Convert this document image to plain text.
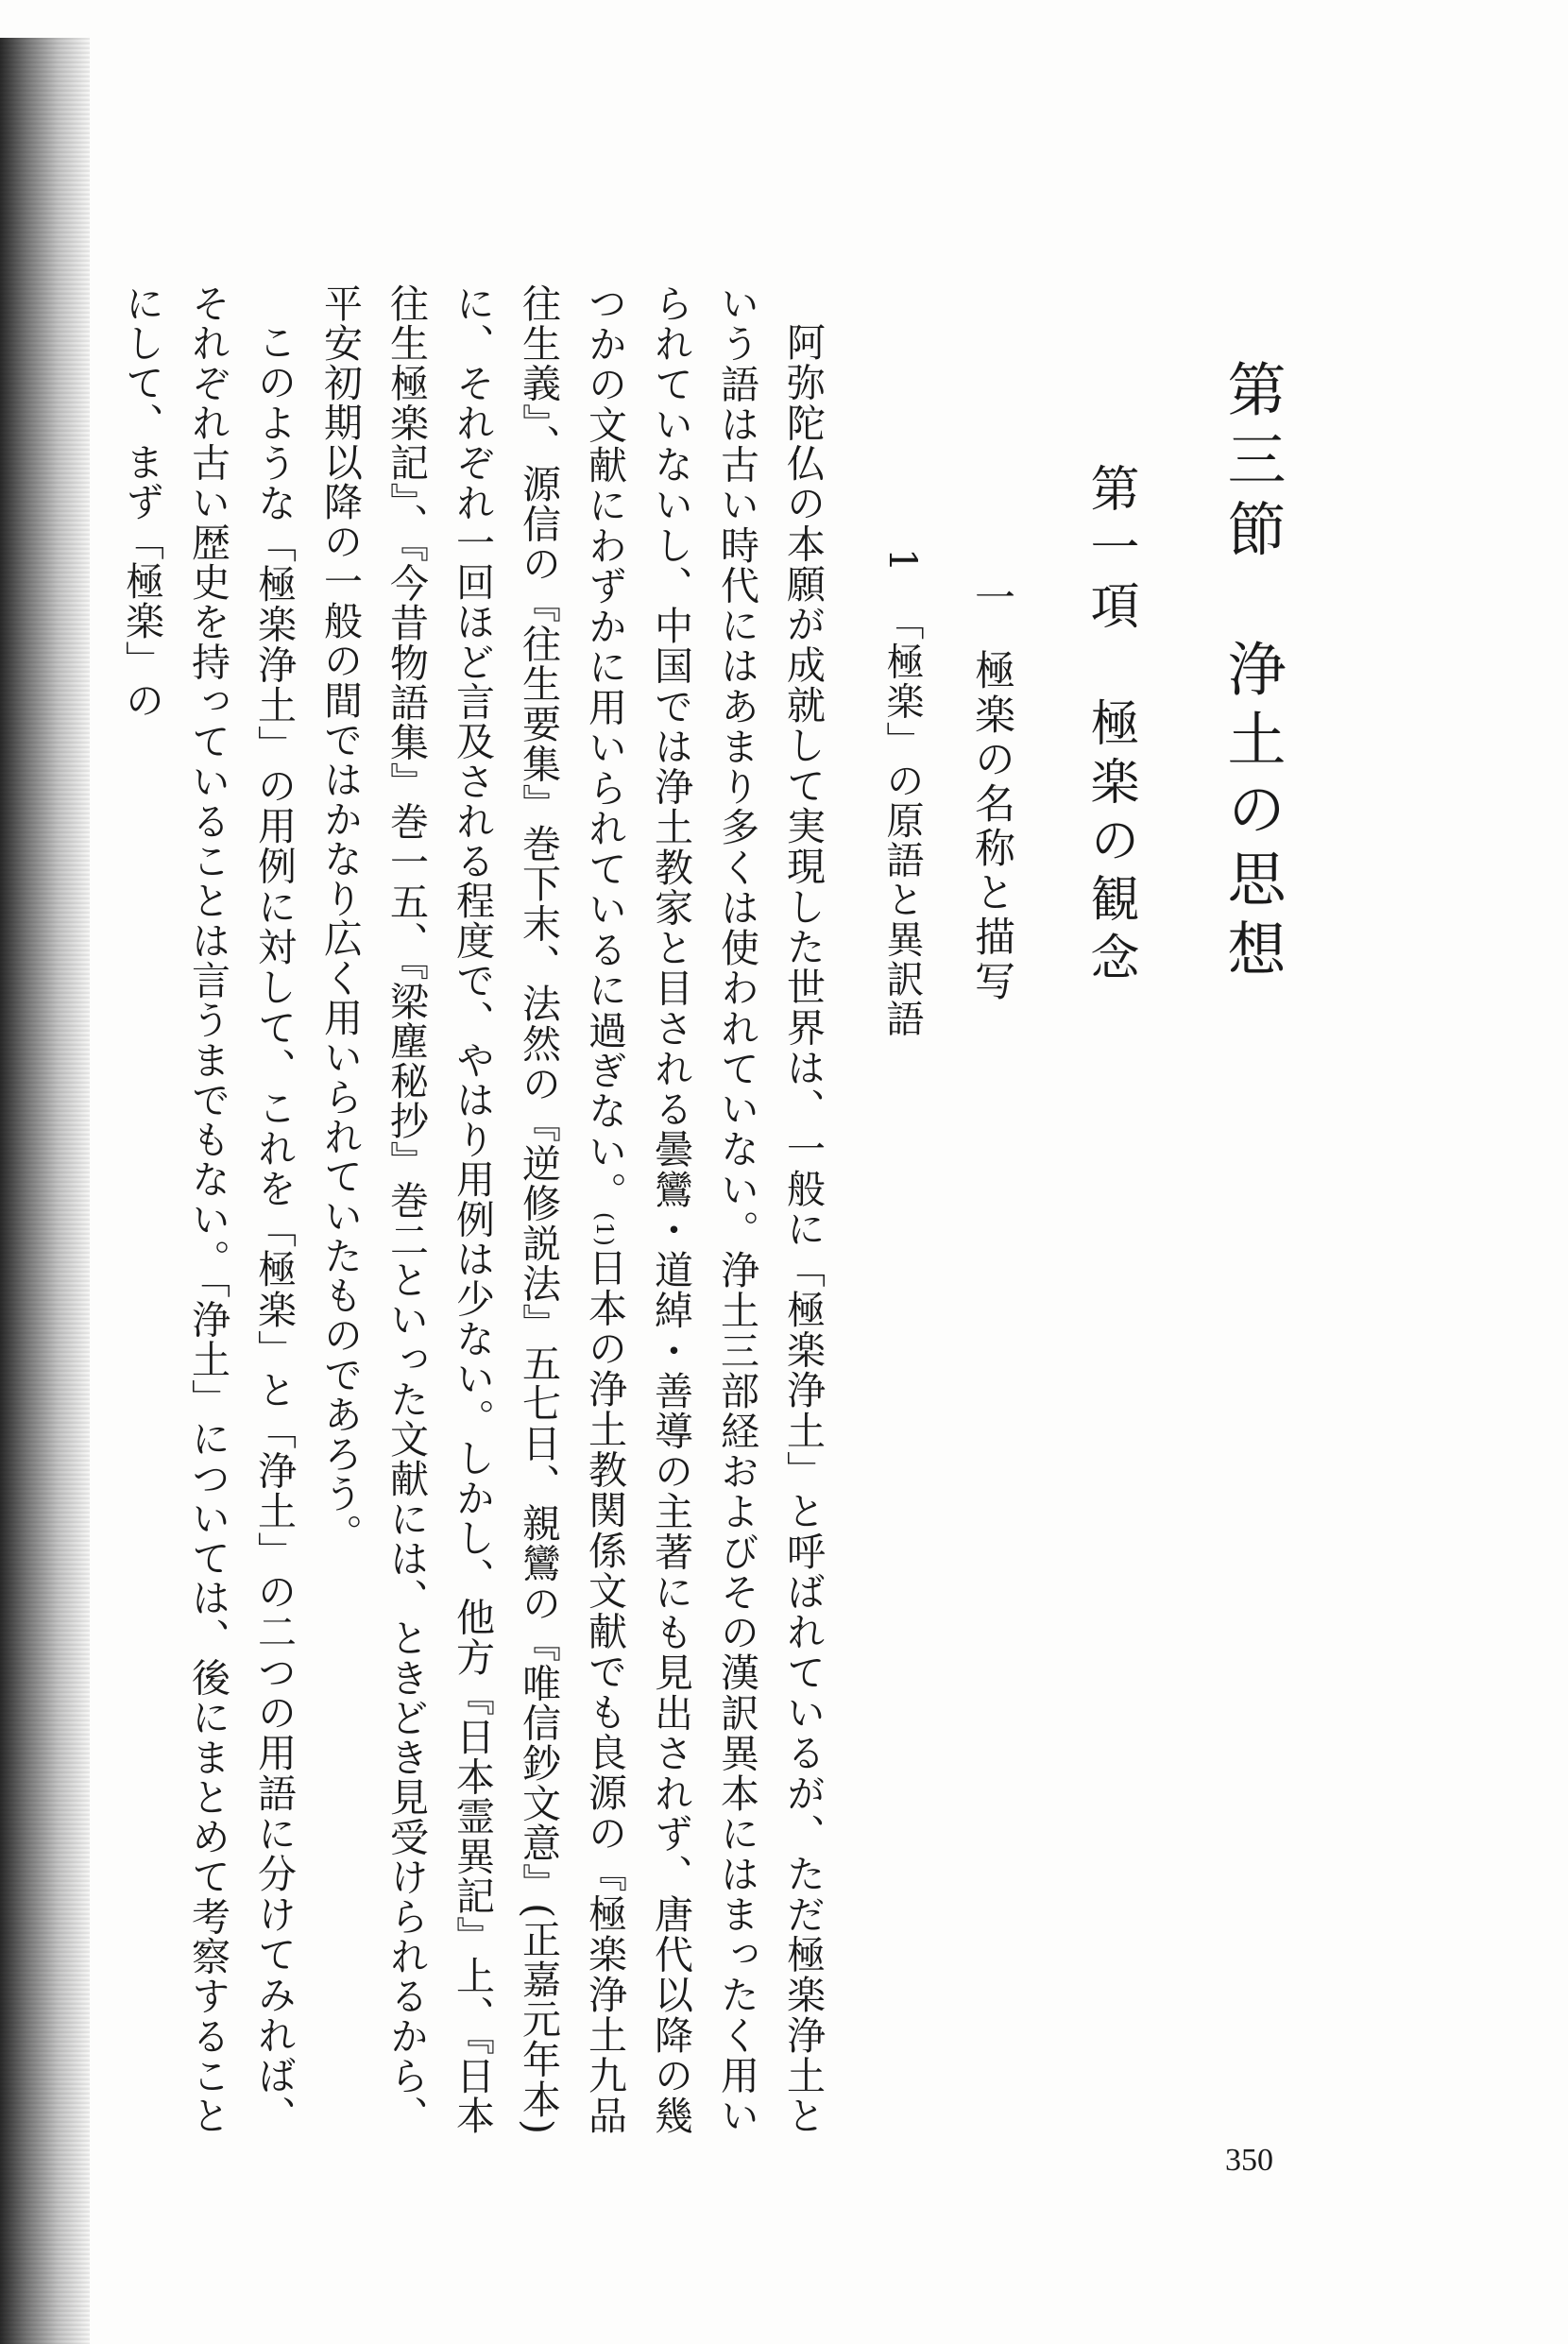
第三節　浄土の思想
第一項　極楽の観念
一極楽の名称と描写
1「極楽」の原語と異訳語

阿弥陀仏の本願が成就して実現した世界は、一般に「極楽浄土」と呼ばれているが、ただ極楽浄土という語は古い時代にはあまり多くは使われていない。浄土三部経およびその漢訳異本にはまったく用いられていないし、中国では浄土教家と目される曇鸞・道綽・善導の主著にも見出されず、唐代以降の幾つかの文献にわずかに用いられているに過ぎない。(1)日本の浄土教関係文献でも良源の『極楽浄土九品往生義』、源信の『往生要集』巻下末、法然の『逆修説法』五七日、親鸞の『唯信鈔文意』(正嘉元年本)に、それぞれ一回ほど言及される程度で、やはり用例は少ない。しかし、他方『日本霊異記』上、『日本往生極楽記』、『今昔物語集』巻一五、『梁塵秘抄』巻二といった文献には、ときどき見受けられるから、平安初期以降の一般の間ではかなり広く用いられていたものであろう。

このような「極楽浄土」の用例に対して、これを「極楽」と「浄土」の二つの用語に分けてみれば、それぞれ古い歴史を持っていることは言うまでもない。「浄土」については、後にまとめて考察することにして、まず「極楽」の

350
